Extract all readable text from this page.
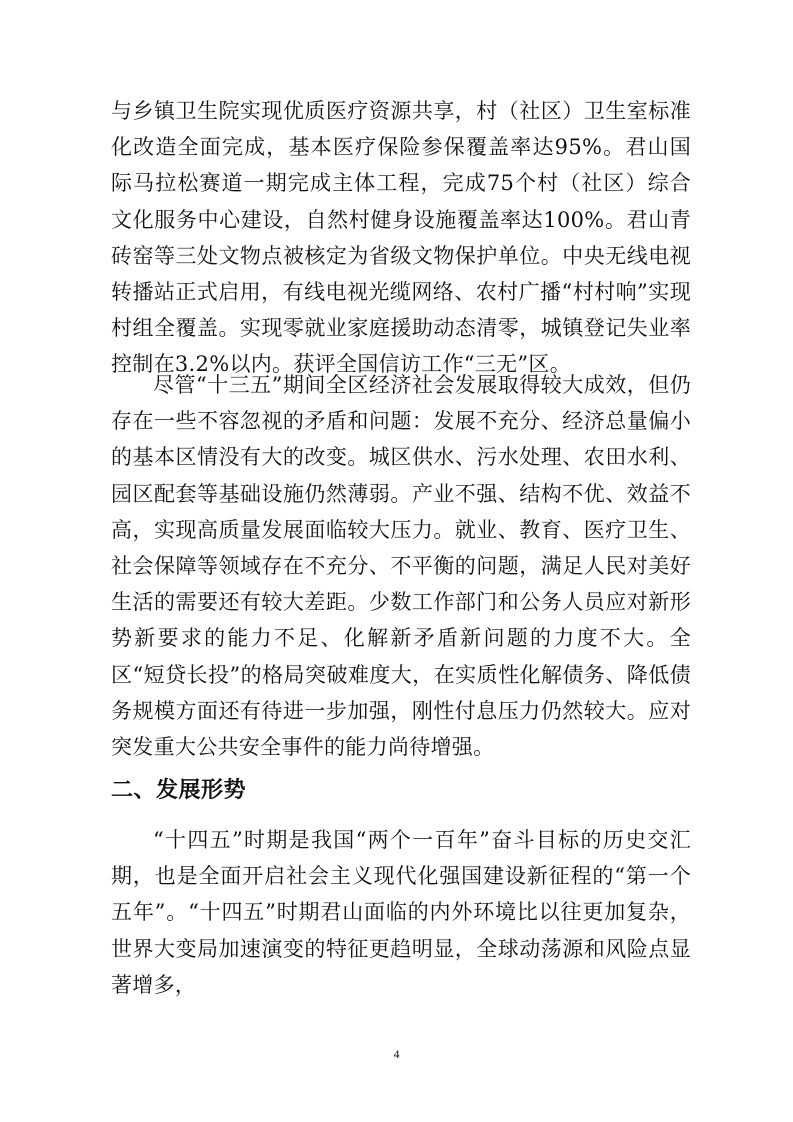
与乡镇卫生院实现优质医疗资源共享，村（社区）卫生室标准化改造全面完成，基本医疗保险参保覆盖率达95%。君山国际马拉松赛道一期完成主体工程，完成75个村（社区）综合文化服务中心建设，自然村健身设施覆盖率达100%。君山青砖窑等三处文物点被核定为省级文物保护单位。中央无线电视转播站正式启用，有线电视光缆网络、农村广播“村村响”实现村组全覆盖。实现零就业家庭援助动态清零，城镇登记失业率控制在3.2%以内。获评全国信访工作“三无”区。

尽管“十三五”期间全区经济社会发展取得较大成效，但仍存在一些不容忽视的矛盾和问题：发展不充分、经济总量偏小的基本区情没有大的改变。城区供水、污水处理、农田水利、园区配套等基础设施仍然薄弱。产业不强、结构不优、效益不高，实现高质量发展面临较大压力。就业、教育、医疗卫生、社会保障等领域存在不充分、不平衡的问题，满足人民对美好生活的需要还有较大差距。少数工作部门和公务人员应对新形势新要求的能力不足、化解新矛盾新问题的力度不大。全区“短贷长投”的格局突破难度大，在实质性化解债务、降低债务规模方面还有待进一步加强，刚性付息压力仍然较大。应对突发重大公共安全事件的能力尚待增强。

二、发展形势

“十四五”时期是我国“两个一百年”奋斗目标的历史交汇期，也是全面开启社会主义现代化强国建设新征程的“第一个五年”。“十四五”时期君山面临的内外环境比以往更加复杂，世界大变局加速演变的特征更趋明显，全球动荡源和风险点显著增多，

4
